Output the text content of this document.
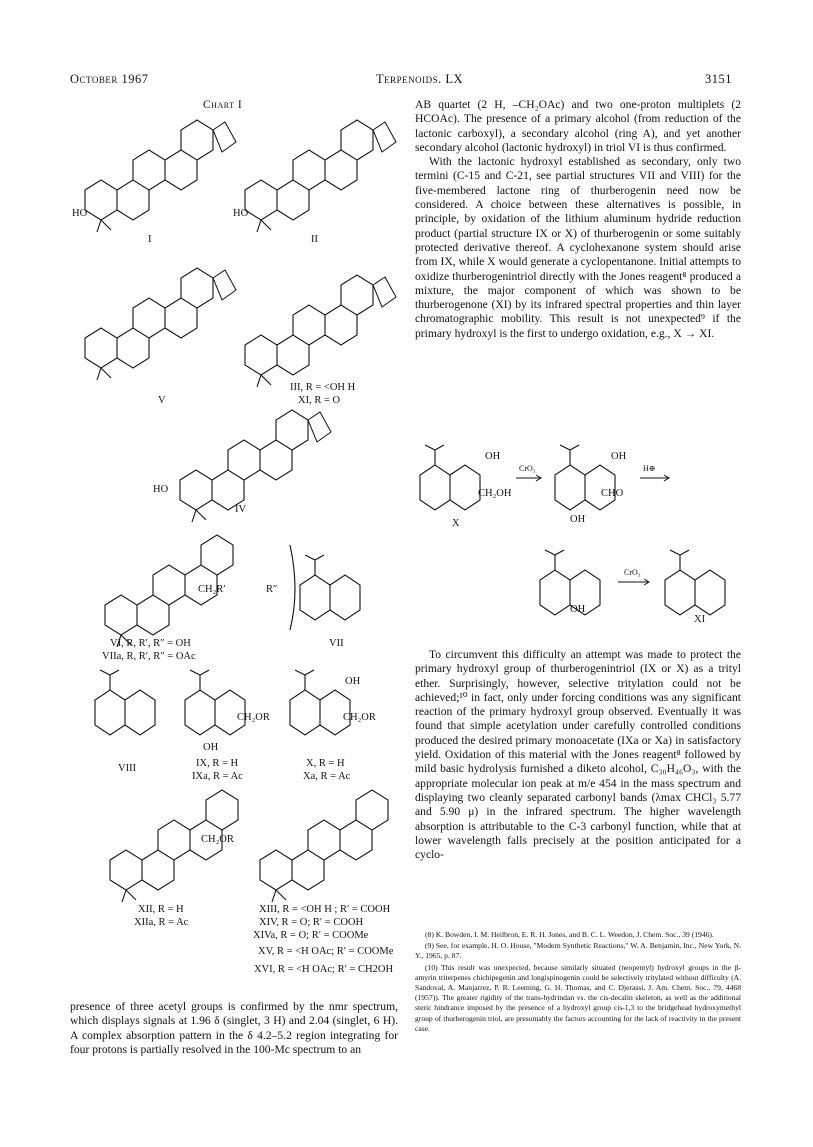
October 1967	Terpenoids. LX	3151
Chart I
I	II
HO	HO
V
III, R = <OH H
XI, R = O
HO
IV
CH₂R′	R″
VI, R, R′, R″ = OH
VIIa, R, R′, R″ = OAc
VII
CH₂OR	CH₂OR
OH
OH
VIII	IX, R = H
IXa, R = Ac
X, R = H
Xa, R = Ac
CH₂OR
XII, R = H
XIIa, R = Ac
XIII, R = <OH H ; R′ = COOH
XIV, R = O; R′ = COOH
XIVa, R = O; R′ = COOMe
XV, R = <H OAc; R′ = COOMe
XVI, R = <H OAc; R′ = CH2OH
OH
CH₂OH
CrO₃
OH
CHO
OH
H⊕
X
OH
CrO₃
XI

presence of three acetyl groups is confirmed by the nmr spectrum, which displays signals at 1.96 δ (singlet, 3 H) and 2.04 (singlet, 6 H). A complex absorption pattern in the δ 4.2–5.2 region integrating for four protons is partially resolved in the 100-Mc spectrum to an

AB quartet (2 H, –CH₂OAc) and two one-proton multiplets (2 HCOAc). The presence of a primary alcohol (from reduction of the lactonic carboxyl), a secondary alcohol (ring A), and yet another secondary alcohol (lactonic hydroxyl) in triol VI is thus confirmed.

With the lactonic hydroxyl established as secondary, only two termini (C-15 and C-21, see partial structures VII and VIII) for the five-membered lactone ring of thurberogenin need now be considered. A choice between these alternatives is possible, in principle, by oxidation of the lithium aluminum hydride reduction product (partial structure IX or X) of thurberogenin or some suitably protected derivative thereof. A cyclohexanone system should arise from IX, while X would generate a cyclopentanone. Initial attempts to oxidize thurberogenintriol directly with the Jones reagent⁸ produced a mixture, the major component of which was shown to be thurberogenone (XI) by its infrared spectral properties and thin layer chromatographic mobility. This result is not unexpected⁹ if the primary hydroxyl is the first to undergo oxidation, e.g., X → XI.

To circumvent this difficulty an attempt was made to protect the primary hydroxyl group of thurberogenintriol (IX or X) as a trityl ether. Surprisingly, however, selective tritylation could not be achieved;¹⁰ in fact, only under forcing conditions was any significant reaction of the primary hydroxyl group observed. Eventually it was found that simple acetylation under carefully controlled conditions produced the desired primary monoacetate (IXa or Xa) in satisfactory yield. Oxidation of this material with the Jones reagent⁸ followed by mild basic hydrolysis furnished a diketo alcohol, C₃₀H₄₆O₃, with the appropriate molecular ion peak at m/e 454 in the mass spectrum and displaying two cleanly separated carbonyl bands (λmax CHCl₃ 5.77 and 5.90 μ) in the infrared spectrum. The higher wavelength absorption is attributable to the C-3 carbonyl function, while that at lower wavelength falls precisely at the position anticipated for a cyclo-

(8) K. Bowden, I. M. Heilbron, E. R. H. Jones, and B. C. L. Weedon, J. Chem. Soc., 39 (1946).

(9) See, for example, H. O. House, "Modern Synthetic Reactions," W. A. Benjamin, Inc., New York, N. Y., 1965, p. 87.

(10) This result was unexpected, because similarly situated (neopentyl) hydroxyl groups in the β-amyrin triterpenes chichipegenin and longispinogenin could be selectively tritylated without difficulty (A. Sandoval, A. Manjarrez, P. R. Leeming, G. H. Thomas, and C. Djerassi, J. Am. Chem. Soc., 79, 4468 (1957)). The greater rigidity of the trans-hydrindan vs. the cis-decalin skeleton, as well as the additional steric hindrance imposed by the presence of a hydroxyl group cis-1,3 to the bridgehead hydroxymethyl group of thurberogenin triol, are presumably the factors accounting for the lack of reactivity in the present case.
